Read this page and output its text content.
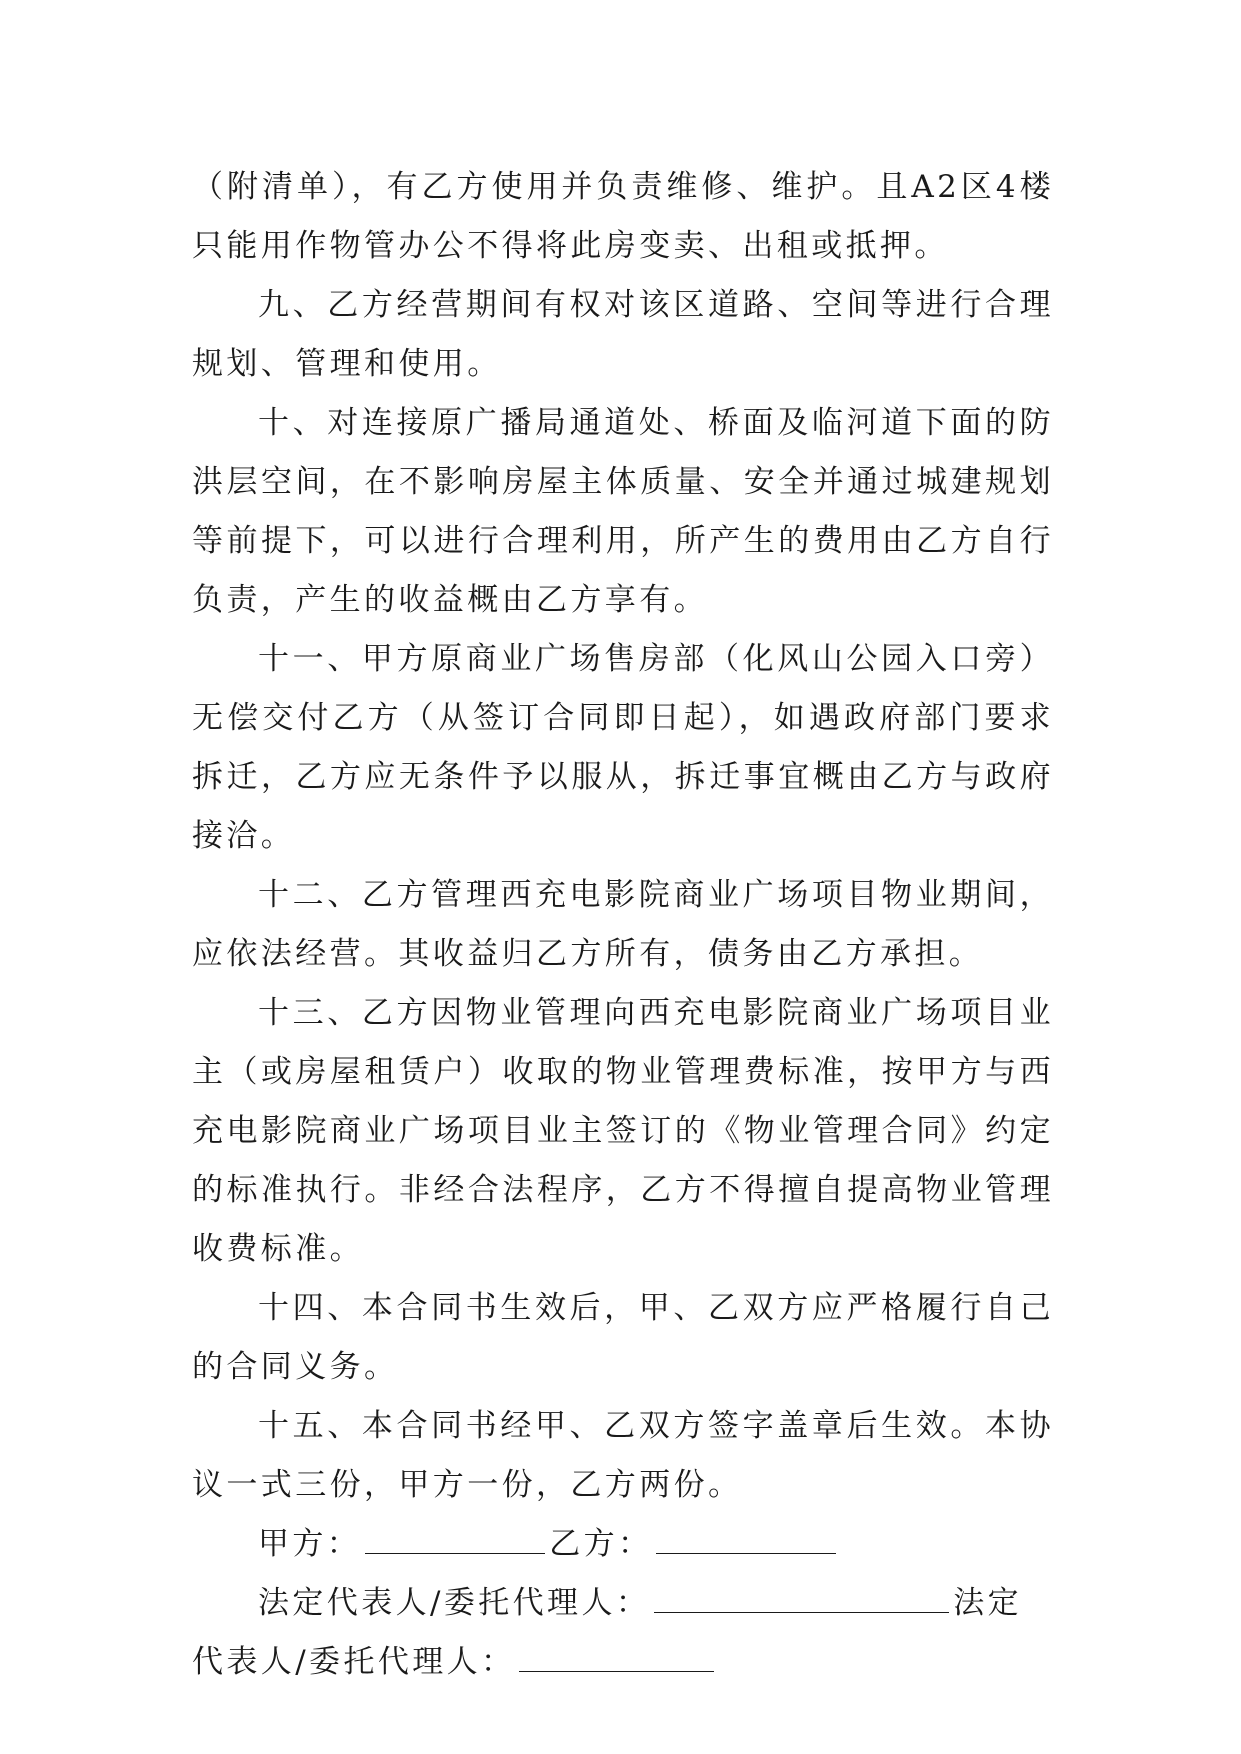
（附清单），有乙方使用并负责维修、维护。且A2区4楼只能用作物管办公不得将此房变卖、出租或抵押。

九、乙方经营期间有权对该区道路、空间等进行合理规划、管理和使用。

十、对连接原广播局通道处、桥面及临河道下面的防洪层空间，在不影响房屋主体质量、安全并通过城建规划等前提下，可以进行合理利用，所产生的费用由乙方自行负责，产生的收益概由乙方享有。

十一、甲方原商业广场售房部（化风山公园入口旁）无偿交付乙方（从签订合同即日起），如遇政府部门要求拆迁，乙方应无条件予以服从，拆迁事宜概由乙方与政府接洽。

十二、乙方管理西充电影院商业广场项目物业期间，应依法经营。其收益归乙方所有，债务由乙方承担。

十三、乙方因物业管理向西充电影院商业广场项目业主（或房屋租赁户）收取的物业管理费标准，按甲方与西充电影院商业广场项目业主签订的《物业管理合同》约定的标准执行。非经合法程序，乙方不得擅自提高物业管理收费标准。

十四、本合同书生效后，甲、乙双方应严格履行自己的合同义务。

十五、本合同书经甲、乙双方签字盖章后生效。本协议一式三份，甲方一份，乙方两份。

甲方：	乙方：

法定代表人/委托代理人：	法定代表人/委托代理人：
